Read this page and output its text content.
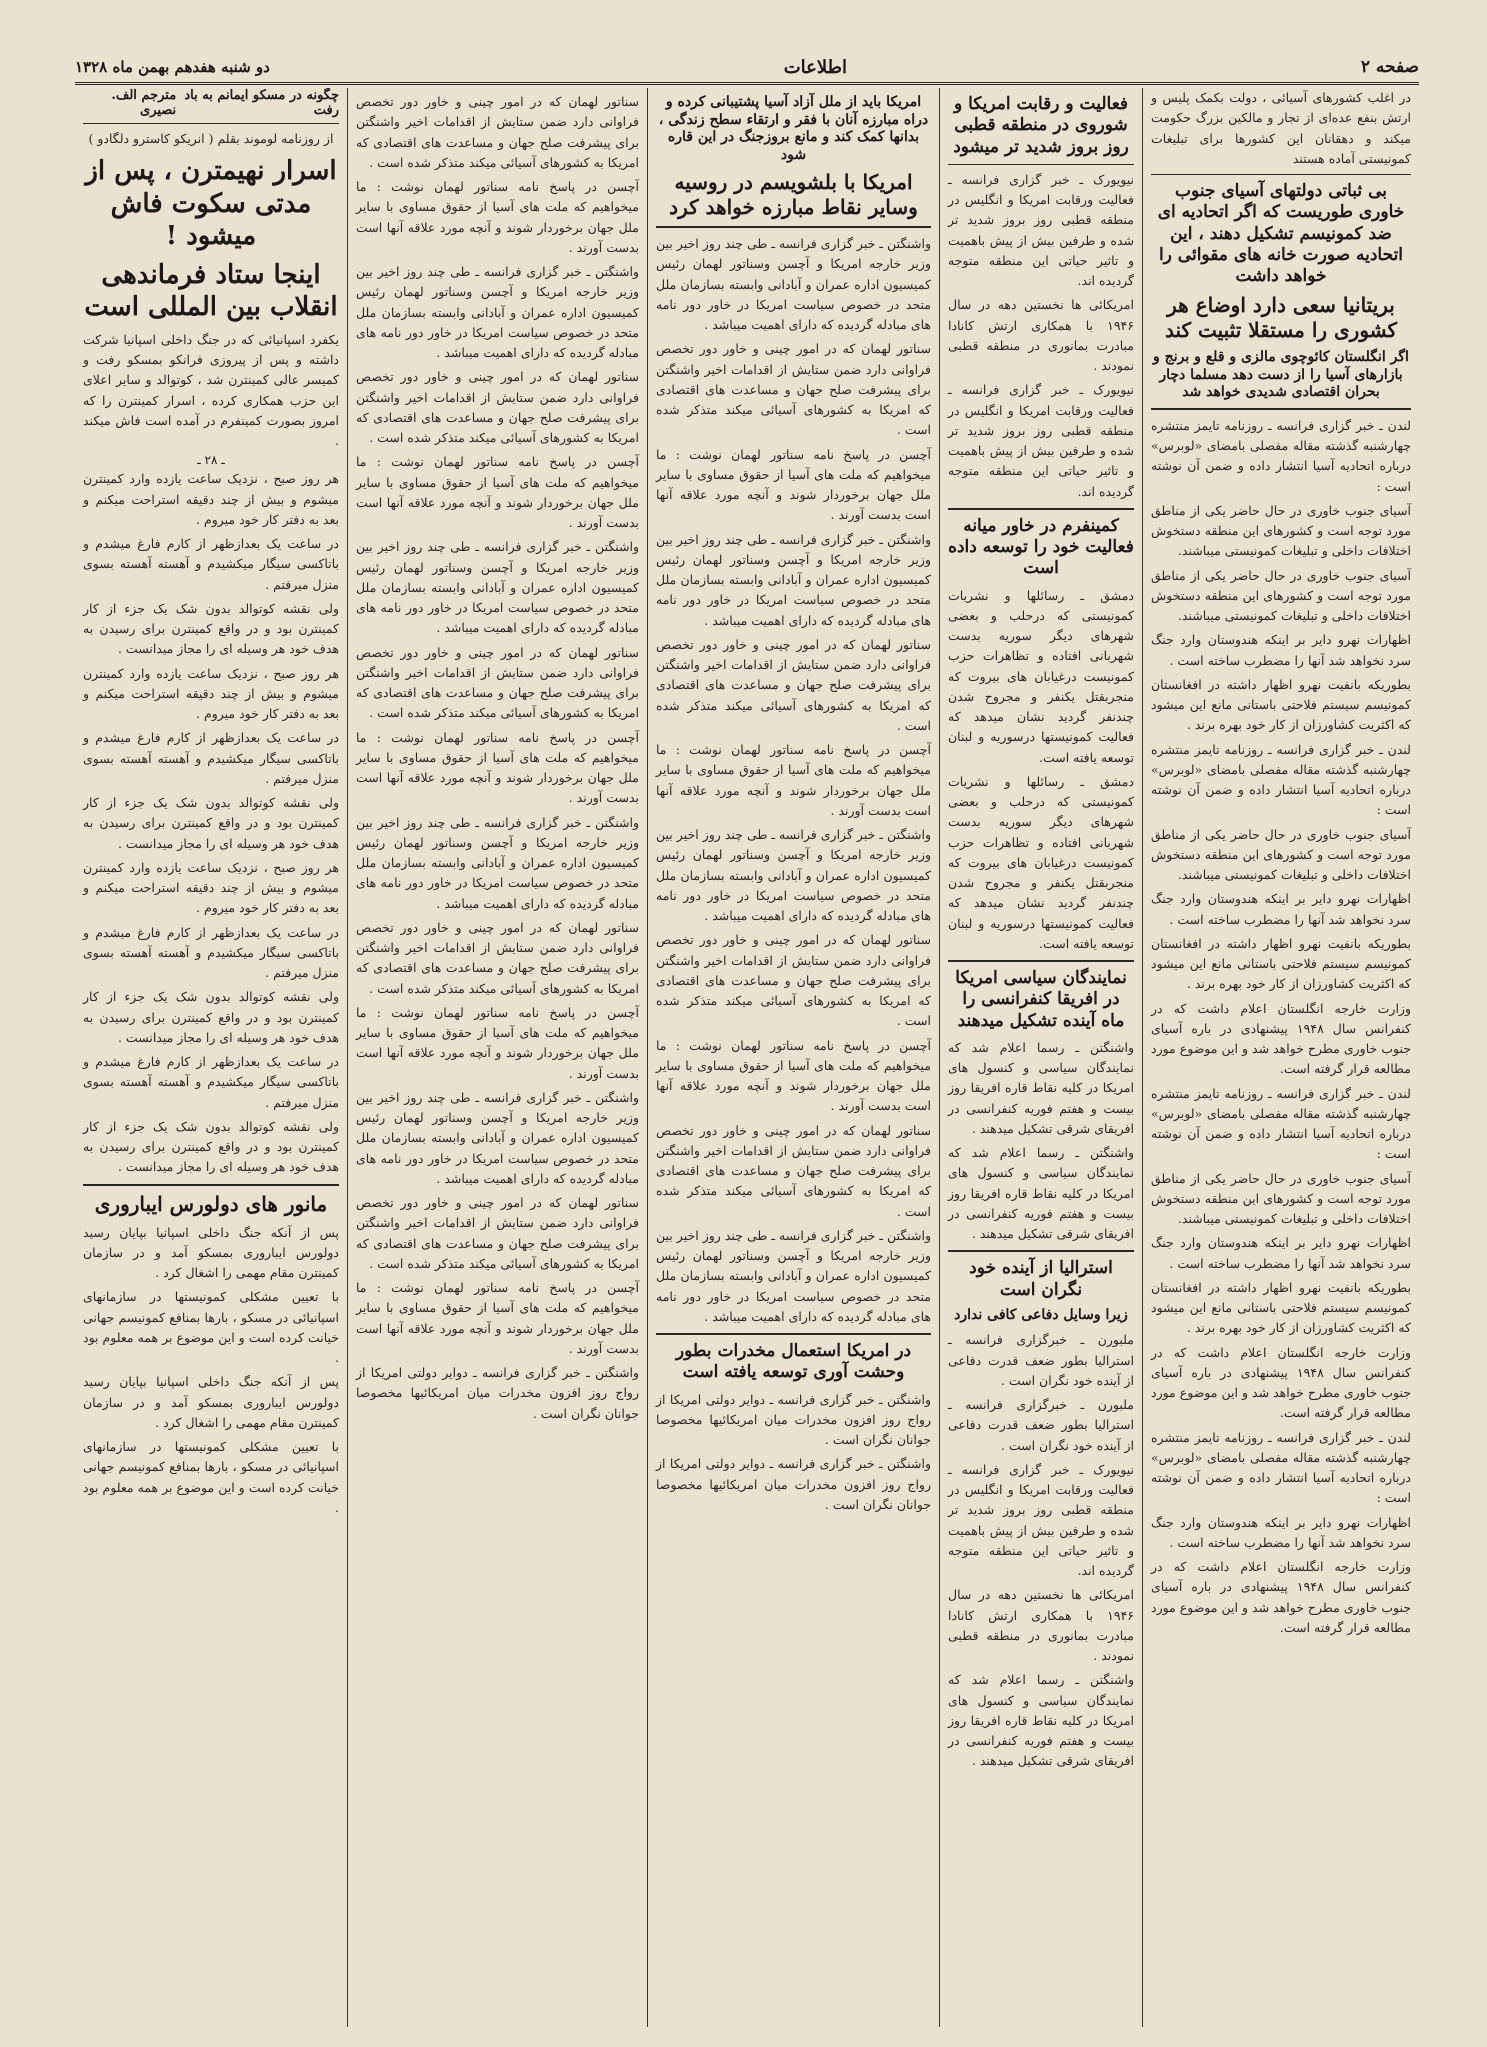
صفحه ۲
اطلاعات
دو شنبه هفدهم بهمن ماه ۱۳۲۸
در اغلب کشورهای آسیائی ، دولت بکمک پلیس و ارتش بنفع عده‌ای از تجار و مالکین بزرگ حکومت میکند و دهقانان این کشورها برای تبلیغات کمونیستی آماده هستند
بی ثباتی دولتهای آسیای جنوب خاوری طوریست که اگر اتحادیه ای ضد کمونیسم تشکیل دهند ، این اتحادیه صورت خانه های مقوائی را خواهد داشت
بریتانیا سعی دارد اوضاع هر کشوری را مستقلا تثبیت کند
اگر انگلستان کائوچوی مالزی و قلع و برنج و بازارهای آسیا را از دست دهد مسلما دچار بحران اقتصادی شدیدی خواهد شد

لندن ـ خبر گزاری فرانسه ـ روزنامه تایمز منتشره چهارشنبه گذشته مقاله مفصلی بامضای «لوبرس» درباره اتحادیه آسیا انتشار داده و ضمن آن نوشته است :

آسیای جنوب خاوری در حال حاضر یکی از مناطق مورد توجه است و کشورهای این منطقه دستخوش اختلافات داخلی و تبلیغات کمونیستی میباشند.

آسیای جنوب خاوری در حال حاضر یکی از مناطق مورد توجه است و کشورهای این منطقه دستخوش اختلافات داخلی و تبلیغات کمونیستی میباشند.

اظهارات نهرو دایر بر اینکه هندوستان وارد جنگ سرد نخواهد شد آنها را مضطرب ساخته است .

بطوریکه بانفیت نهرو اظهار داشته در افغانستان کمونیسم سیستم فلاحتی باستانی مانع این میشود که اکثریت کشاورزان از کار خود بهره برند .

لندن ـ خبر گزاری فرانسه ـ روزنامه تایمز منتشره چهارشنبه گذشته مقاله مفصلی بامضای «لوبرس» درباره اتحادیه آسیا انتشار داده و ضمن آن نوشته است :

آسیای جنوب خاوری در حال حاضر یکی از مناطق مورد توجه است و کشورهای این منطقه دستخوش اختلافات داخلی و تبلیغات کمونیستی میباشند.

اظهارات نهرو دایر بر اینکه هندوستان وارد جنگ سرد نخواهد شد آنها را مضطرب ساخته است .

بطوریکه بانفیت نهرو اظهار داشته در افغانستان کمونیسم سیستم فلاحتی باستانی مانع این میشود که اکثریت کشاورزان از کار خود بهره برند .

وزارت خارجه انگلستان اعلام داشت که در کنفرانس سال ۱۹۴۸ پیشنهادی در باره آسیای جنوب خاوری مطرح خواهد شد و این موضوع مورد مطالعه قرار گرفته است.

لندن ـ خبر گزاری فرانسه ـ روزنامه تایمز منتشره چهارشنبه گذشته مقاله مفصلی بامضای «لوبرس» درباره اتحادیه آسیا انتشار داده و ضمن آن نوشته است :

آسیای جنوب خاوری در حال حاضر یکی از مناطق مورد توجه است و کشورهای این منطقه دستخوش اختلافات داخلی و تبلیغات کمونیستی میباشند.

اظهارات نهرو دایر بر اینکه هندوستان وارد جنگ سرد نخواهد شد آنها را مضطرب ساخته است .

بطوریکه بانفیت نهرو اظهار داشته در افغانستان کمونیسم سیستم فلاحتی باستانی مانع این میشود که اکثریت کشاورزان از کار خود بهره برند .

وزارت خارجه انگلستان اعلام داشت که در کنفرانس سال ۱۹۴۸ پیشنهادی در باره آسیای جنوب خاوری مطرح خواهد شد و این موضوع مورد مطالعه قرار گرفته است.

لندن ـ خبر گزاری فرانسه ـ روزنامه تایمز منتشره چهارشنبه گذشته مقاله مفصلی بامضای «لوبرس» درباره اتحادیه آسیا انتشار داده و ضمن آن نوشته است :

اظهارات نهرو دایر بر اینکه هندوستان وارد جنگ سرد نخواهد شد آنها را مضطرب ساخته است .

وزارت خارجه انگلستان اعلام داشت که در کنفرانس سال ۱۹۴۸ پیشنهادی در باره آسیای جنوب خاوری مطرح خواهد شد و این موضوع مورد مطالعه قرار گرفته است.

فعالیت و رقابت امریکا و شوروی در منطقه قطبی روز بروز شدید تر میشود

نیویورک ـ خبر گزاری فرانسه ـ فعالیت ورقابت امریکا و انگلیس در منطقه قطبی روز بروز شدید تر شده و طرفین بیش از پیش باهمیت و تاثیر حیاتی این منطقه متوجه گردیده اند.

امریکائی ها نخستین دهه در سال ۱۹۴۶ با همکاری ارتش کانادا مبادرت بمانوری در منطقه قطبی نمودند .

نیویورک ـ خبر گزاری فرانسه ـ فعالیت ورقابت امریکا و انگلیس در منطقه قطبی روز بروز شدید تر شده و طرفین بیش از پیش باهمیت و تاثیر حیاتی این منطقه متوجه گردیده اند.

کمینفرم در خاور میانه فعالیت خود را توسعه داده است

دمشق ـ رسائلها و نشریات کمونیستی که درحلب و بعضی شهرهای دیگر سوریه بدست شهربانی افتاده و تظاهرات حزب کمونیست درغیابان های بیروت که منجربقتل یکنفر و مجروح شدن چندنفر گردید نشان میدهد که فعالیت کمونیستها درسوریه و لبنان توسعه یافته است.

دمشق ـ رسائلها و نشریات کمونیستی که درحلب و بعضی شهرهای دیگر سوریه بدست شهربانی افتاده و تظاهرات حزب کمونیست درغیابان های بیروت که منجربقتل یکنفر و مجروح شدن چندنفر گردید نشان میدهد که فعالیت کمونیستها درسوریه و لبنان توسعه یافته است.

نمایندگان سیاسی امریکا در افریقا کنفرانسی را ماه آینده تشکیل میدهند

واشنگتن ـ رسما اعلام شد که نمایندگان سیاسی و کنسول های امریکا در کلیه نقاط قاره افریقا روز بیست و هفتم فوریه کنفرانسی در افریقای شرقی تشکیل میدهند .

واشنگتن ـ رسما اعلام شد که نمایندگان سیاسی و کنسول های امریکا در کلیه نقاط قاره افریقا روز بیست و هفتم فوریه کنفرانسی در افریقای شرقی تشکیل میدهند .

استرالیا از آینده خود نگران است
زیرا وسایل دفاعی کافی ندارد

ملبورن ـ خبرگزاری فرانسه ـ استرالیا بطور ضعف قدرت دفاعی از آینده خود نگران است .

ملبورن ـ خبرگزاری فرانسه ـ استرالیا بطور ضعف قدرت دفاعی از آینده خود نگران است .

نیویورک ـ خبر گزاری فرانسه ـ فعالیت ورقابت امریکا و انگلیس در منطقه قطبی روز بروز شدید تر شده و طرفین بیش از پیش باهمیت و تاثیر حیاتی این منطقه متوجه گردیده اند.

امریکائی ها نخستین دهه در سال ۱۹۴۶ با همکاری ارتش کانادا مبادرت بمانوری در منطقه قطبی نمودند .

واشنگتن ـ رسما اعلام شد که نمایندگان سیاسی و کنسول های امریکا در کلیه نقاط قاره افریقا روز بیست و هفتم فوریه کنفرانسی در افریقای شرقی تشکیل میدهند .

امریکا باید از ملل آزاد آسیا پشتیبانی کرده و دراه مبارزه آنان با فقر و ارتقاء سطح زندگی ، بدانها کمک کند و مانع بروزجنگ در این قاره شود
امریکا با بلشویسم در روسیه وسایر نقاط مبارزه خواهد کرد

واشنگتن ـ خبر گزاری فرانسه ـ طی چند روز اخیر بین وزیر خارجه امریکا و آچسن وسناتور لهمان رئیس کمیسیون اداره عمران و آبادانی وابسته بسازمان ملل متحد در خصوص سیاست امریکا در خاور دور نامه های مبادله گردیده که دارای اهمیت میباشد .

سناتور لهمان که در امور چینی و خاور دور تخصص فراوانی دارد ضمن ستایش از اقدامات اخیر واشنگتن برای پیشرفت صلح جهان و مساعدت های اقتصادی که امریکا به کشورهای آسیائی میکند متذکر شده است .

آچسن در پاسخ نامه سناتور لهمان نوشت : ما میخواهیم که ملت های آسیا از حقوق مساوی با سایر ملل جهان برخوردار شوند و آنچه مورد علاقه آنها است بدست آورند .

واشنگتن ـ خبر گزاری فرانسه ـ طی چند روز اخیر بین وزیر خارجه امریکا و آچسن وسناتور لهمان رئیس کمیسیون اداره عمران و آبادانی وابسته بسازمان ملل متحد در خصوص سیاست امریکا در خاور دور نامه های مبادله گردیده که دارای اهمیت میباشد .

سناتور لهمان که در امور چینی و خاور دور تخصص فراوانی دارد ضمن ستایش از اقدامات اخیر واشنگتن برای پیشرفت صلح جهان و مساعدت های اقتصادی که امریکا به کشورهای آسیائی میکند متذکر شده است .

آچسن در پاسخ نامه سناتور لهمان نوشت : ما میخواهیم که ملت های آسیا از حقوق مساوی با سایر ملل جهان برخوردار شوند و آنچه مورد علاقه آنها است بدست آورند .

واشنگتن ـ خبر گزاری فرانسه ـ طی چند روز اخیر بین وزیر خارجه امریکا و آچسن وسناتور لهمان رئیس کمیسیون اداره عمران و آبادانی وابسته بسازمان ملل متحد در خصوص سیاست امریکا در خاور دور نامه های مبادله گردیده که دارای اهمیت میباشد .

سناتور لهمان که در امور چینی و خاور دور تخصص فراوانی دارد ضمن ستایش از اقدامات اخیر واشنگتن برای پیشرفت صلح جهان و مساعدت های اقتصادی که امریکا به کشورهای آسیائی میکند متذکر شده است .

آچسن در پاسخ نامه سناتور لهمان نوشت : ما میخواهیم که ملت های آسیا از حقوق مساوی با سایر ملل جهان برخوردار شوند و آنچه مورد علاقه آنها است بدست آورند .

سناتور لهمان که در امور چینی و خاور دور تخصص فراوانی دارد ضمن ستایش از اقدامات اخیر واشنگتن برای پیشرفت صلح جهان و مساعدت های اقتصادی که امریکا به کشورهای آسیائی میکند متذکر شده است .

واشنگتن ـ خبر گزاری فرانسه ـ طی چند روز اخیر بین وزیر خارجه امریکا و آچسن وسناتور لهمان رئیس کمیسیون اداره عمران و آبادانی وابسته بسازمان ملل متحد در خصوص سیاست امریکا در خاور دور نامه های مبادله گردیده که دارای اهمیت میباشد .

در امریکا استعمال مخدرات بطور وحشت آوری توسعه یافته است

واشنگتن ـ خبر گزاری فرانسه ـ دوایر دولتی امریکا از رواج روز افزون مخدرات میان امریکائیها مخصوصا جوانان نگران است .

واشنگتن ـ خبر گزاری فرانسه ـ دوایر دولتی امریکا از رواج روز افزون مخدرات میان امریکائیها مخصوصا جوانان نگران است .

سناتور لهمان که در امور چینی و خاور دور تخصص فراوانی دارد ضمن ستایش از اقدامات اخیر واشنگتن برای پیشرفت صلح جهان و مساعدت های اقتصادی که امریکا به کشورهای آسیائی میکند متذکر شده است .

آچسن در پاسخ نامه سناتور لهمان نوشت : ما میخواهیم که ملت های آسیا از حقوق مساوی با سایر ملل جهان برخوردار شوند و آنچه مورد علاقه آنها است بدست آورند .

واشنگتن ـ خبر گزاری فرانسه ـ طی چند روز اخیر بین وزیر خارجه امریکا و آچسن وسناتور لهمان رئیس کمیسیون اداره عمران و آبادانی وابسته بسازمان ملل متحد در خصوص سیاست امریکا در خاور دور نامه های مبادله گردیده که دارای اهمیت میباشد .

سناتور لهمان که در امور چینی و خاور دور تخصص فراوانی دارد ضمن ستایش از اقدامات اخیر واشنگتن برای پیشرفت صلح جهان و مساعدت های اقتصادی که امریکا به کشورهای آسیائی میکند متذکر شده است .

آچسن در پاسخ نامه سناتور لهمان نوشت : ما میخواهیم که ملت های آسیا از حقوق مساوی با سایر ملل جهان برخوردار شوند و آنچه مورد علاقه آنها است بدست آورند .

واشنگتن ـ خبر گزاری فرانسه ـ طی چند روز اخیر بین وزیر خارجه امریکا و آچسن وسناتور لهمان رئیس کمیسیون اداره عمران و آبادانی وابسته بسازمان ملل متحد در خصوص سیاست امریکا در خاور دور نامه های مبادله گردیده که دارای اهمیت میباشد .

سناتور لهمان که در امور چینی و خاور دور تخصص فراوانی دارد ضمن ستایش از اقدامات اخیر واشنگتن برای پیشرفت صلح جهان و مساعدت های اقتصادی که امریکا به کشورهای آسیائی میکند متذکر شده است .

آچسن در پاسخ نامه سناتور لهمان نوشت : ما میخواهیم که ملت های آسیا از حقوق مساوی با سایر ملل جهان برخوردار شوند و آنچه مورد علاقه آنها است بدست آورند .

واشنگتن ـ خبر گزاری فرانسه ـ طی چند روز اخیر بین وزیر خارجه امریکا و آچسن وسناتور لهمان رئیس کمیسیون اداره عمران و آبادانی وابسته بسازمان ملل متحد در خصوص سیاست امریکا در خاور دور نامه های مبادله گردیده که دارای اهمیت میباشد .

سناتور لهمان که در امور چینی و خاور دور تخصص فراوانی دارد ضمن ستایش از اقدامات اخیر واشنگتن برای پیشرفت صلح جهان و مساعدت های اقتصادی که امریکا به کشورهای آسیائی میکند متذکر شده است .

آچسن در پاسخ نامه سناتور لهمان نوشت : ما میخواهیم که ملت های آسیا از حقوق مساوی با سایر ملل جهان برخوردار شوند و آنچه مورد علاقه آنها است بدست آورند .

واشنگتن ـ خبر گزاری فرانسه ـ طی چند روز اخیر بین وزیر خارجه امریکا و آچسن وسناتور لهمان رئیس کمیسیون اداره عمران و آبادانی وابسته بسازمان ملل متحد در خصوص سیاست امریکا در خاور دور نامه های مبادله گردیده که دارای اهمیت میباشد .

سناتور لهمان که در امور چینی و خاور دور تخصص فراوانی دارد ضمن ستایش از اقدامات اخیر واشنگتن برای پیشرفت صلح جهان و مساعدت های اقتصادی که امریکا به کشورهای آسیائی میکند متذکر شده است .

آچسن در پاسخ نامه سناتور لهمان نوشت : ما میخواهیم که ملت های آسیا از حقوق مساوی با سایر ملل جهان برخوردار شوند و آنچه مورد علاقه آنها است بدست آورند .

واشنگتن ـ خبر گزاری فرانسه ـ دوایر دولتی امریکا از رواج روز افزون مخدرات میان امریکائیها مخصوصا جوانان نگران است .

چگونه در مسکو ایمانم به باد رفت
مترجم الف. نصیری
از روزنامه لوموند بقلم ( انریکو کاسترو دلگادو )
اسرار نهیمترن ، پس از مدتی سکوت فاش میشود !
اینجا ستاد فرماندهی انقلاب بین المللی است
یکفرد اسپانیائی که در جنگ داخلی اسپانیا شرکت داشته و پس از پیروزی فرانکو بمسکو رفت و کمیسر عالی کمینترن شد ، کوتوالد و سایر اعلای این حزب همکاری کرده ، اسرار کمینترن را که امروز بصورت کمینفرم در آمده است فاش میکند .
ـ ۲۸ ـ

هر روز صبح ، نزدیک ساعت یازده وارد کمینترن میشوم و بیش از چند دقیقه استراحت میکنم و بعد به دفتر کار خود میروم .

در ساعت یک بعدازظهر از کارم فارغ میشدم و باتاکسی سیگار میکشیدم و آهسته آهسته بسوی منزل میرفتم .

ولی نقشه کوتوالد بدون شک یک جزء از کار کمینترن بود و در واقع کمینترن برای رسیدن به هدف خود هر وسیله ای را مجاز میدانست .

هر روز صبح ، نزدیک ساعت یازده وارد کمینترن میشوم و بیش از چند دقیقه استراحت میکنم و بعد به دفتر کار خود میروم .

در ساعت یک بعدازظهر از کارم فارغ میشدم و باتاکسی سیگار میکشیدم و آهسته آهسته بسوی منزل میرفتم .

ولی نقشه کوتوالد بدون شک یک جزء از کار کمینترن بود و در واقع کمینترن برای رسیدن به هدف خود هر وسیله ای را مجاز میدانست .

هر روز صبح ، نزدیک ساعت یازده وارد کمینترن میشوم و بیش از چند دقیقه استراحت میکنم و بعد به دفتر کار خود میروم .

در ساعت یک بعدازظهر از کارم فارغ میشدم و باتاکسی سیگار میکشیدم و آهسته آهسته بسوی منزل میرفتم .

ولی نقشه کوتوالد بدون شک یک جزء از کار کمینترن بود و در واقع کمینترن برای رسیدن به هدف خود هر وسیله ای را مجاز میدانست .

در ساعت یک بعدازظهر از کارم فارغ میشدم و باتاکسی سیگار میکشیدم و آهسته آهسته بسوی منزل میرفتم .

ولی نقشه کوتوالد بدون شک یک جزء از کار کمینترن بود و در واقع کمینترن برای رسیدن به هدف خود هر وسیله ای را مجاز میدانست .

مانور های دولورس ایباروری

پس از آنکه جنگ داخلی اسپانیا بپایان رسید دولورس ایباروری بمسکو آمد و در سازمان کمینترن مقام مهمی را اشغال کرد .

با تعیین مشکلی کمونیستها در سازمانهای اسپانیائی در مسکو ، بارها بمنافع کمونیسم جهانی خیانت کرده است و این موضوع بر همه معلوم بود .

پس از آنکه جنگ داخلی اسپانیا بپایان رسید دولورس ایباروری بمسکو آمد و در سازمان کمینترن مقام مهمی را اشغال کرد .

با تعیین مشکلی کمونیستها در سازمانهای اسپانیائی در مسکو ، بارها بمنافع کمونیسم جهانی خیانت کرده است و این موضوع بر همه معلوم بود .
